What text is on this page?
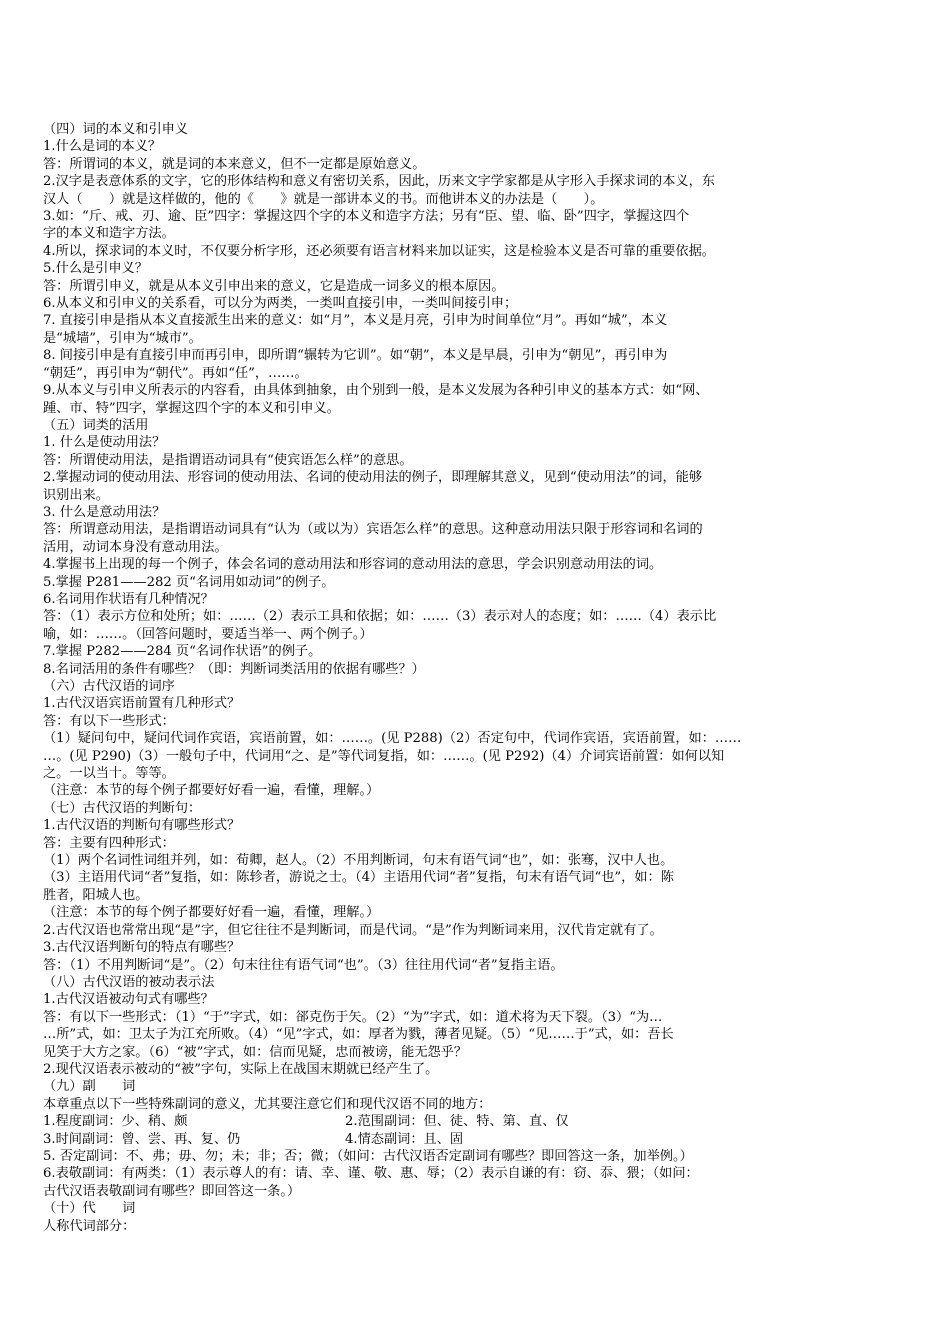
（四）词的本义和引申义
1.什么是词的本义？
答：所谓词的本义，就是词的本来意义，但不一定都是原始意义。
2.汉字是表意体系的文字，它的形体结构和意义有密切关系，因此，历来文字学家都是从字形入手探求词的本义，东
汉人（　　）就是这样做的，他的《　　》就是一部讲本义的书。而他讲本义的办法是（　　）。
3.如：“斤、戒、刃、逾、臣”四字：掌握这四个字的本义和造字方法；另有“臣、望、临、卧”四字，掌握这四个
字的本义和造字方法。
4.所以，探求词的本义时，不仅要分析字形，还必须要有语言材料来加以证实，这是检验本义是否可靠的重要依据。
5.什么是引申义？
答：所谓引申义，就是从本义引申出来的意义，它是造成一词多义的根本原因。
6.从本义和引申义的关系看，可以分为两类，一类叫直接引申，一类叫间接引申；
7. 直接引申是指从本义直接派生出来的意义：如“月”，本义是月亮，引申为时间单位“月”。再如“城”，本义
是“城墙”，引申为“城市”。
8. 间接引申是有直接引申而再引申，即所谓“辗转为它训”。如“朝”，本义是早晨，引申为“朝见”，再引申为
“朝廷”，再引申为“朝代”。再如“任”，……。
9.从本义与引申义所表示的内容看，由具体到抽象，由个别到一般，是本义发展为各种引申义的基本方式：如“网、
踵、市、特”四字，掌握这四个字的本义和引申义。
（五）词类的活用
1. 什么是使动用法？
答：所谓使动用法，是指谓语动词具有“使宾语怎么样”的意思。
2.掌握动词的使动用法、形容词的使动用法、名词的使动用法的例子，即理解其意义，见到“使动用法”的词，能够
识别出来。
3. 什么是意动用法？
答：所谓意动用法，是指谓语动词具有“认为（或以为）宾语怎么样”的意思。这种意动用法只限于形容词和名词的
活用，动词本身没有意动用法。
4.掌握书上出现的每一个例子，体会名词的意动用法和形容词的意动用法的意思，学会识别意动用法的词。
5.掌握 P281——282 页“名词用如动词”的例子。
6.名词用作状语有几种情况？
答：（1）表示方位和处所；如：……（2）表示工具和依据；如：……（3）表示对人的态度；如：……（4）表示比
喻，如：……。（回答问题时，要适当举一、两个例子。）
7.掌握 P282——284 页“名词作状语”的例子。
8.名词活用的条件有哪些？（即：判断词类活用的依据有哪些？）
（六）古代汉语的词序
1.古代汉语宾语前置有几种形式？
答：有以下一些形式：
（1）疑问句中，疑问代词作宾语，宾语前置，如：……。(见 P288)（2）否定句中，代词作宾语，宾语前置，如：……
…。(见 P290)（3）一般句子中，代词用“之、是”等代词复指，如：……。(见 P292)（4）介词宾语前置：如何以知
之。一以当十。等等。
（注意：本节的每个例子都要好好看一遍，看懂，理解。）
（七）古代汉语的判断句：
1.古代汉语的判断句有哪些形式？
答：主要有四种形式：
（1）两个名词性词组并列，如：荀卿，赵人。（2）不用判断词，句末有语气词“也”，如：张骞，汉中人也。
（3）主语用代词“者”复指，如：陈轸者，游说之士。（4）主语用代词“者”复指，句末有语气词“也”，如：陈
胜者，阳城人也。
（注意：本节的每个例子都要好好看一遍，看懂，理解。）
2.古代汉语也常常出现“是”字，但它往往不是判断词，而是代词。“是”作为判断词来用，汉代肯定就有了。
3.古代汉语判断句的特点有哪些？
答：（1）不用判断词“是”。（2）句末往往有语气词“也”。（3）往往用代词“者”复指主语。
（八）古代汉语的被动表示法
1.古代汉语被动句式有哪些？
答：有以下一些形式：（1）“于”字式，如：郤克伤于矢。（2）“为”字式，如：道术将为天下裂。（3）“为…
…所”式，如：卫太子为江充所败。（4）“见”字式，如：厚者为戮，薄者见疑。（5）“见……于”式，如：吾长
见笑于大方之家。（6）“被”字式，如：信而见疑，忠而被谤，能无怨乎？
2.现代汉语表示被动的“被”字句，实际上在战国末期就已经产生了。
（九）副　　词
本章重点以下一些特殊副词的意义，尤其要注意它们和现代汉语不同的地方：
1.程度副词：少、稍、颇	2.范围副词：但、徒、特、第、直、仅
3.时间副词：曾、尝、再、复、仍	4.情态副词：且、固
5. 否定副词：不、弗；毋、勿；未；非；否；微；（如问：古代汉语否定副词有哪些？即回答这一条，加举例。）
6.表敬副词：有两类：（1）表示尊人的有：请、幸、谨、敬、惠、辱；（2）表示自谦的有：窃、忝、猥；（如问：
古代汉语表敬副词有哪些？即回答这一条。）
（十）代　　词
人称代词部分：
